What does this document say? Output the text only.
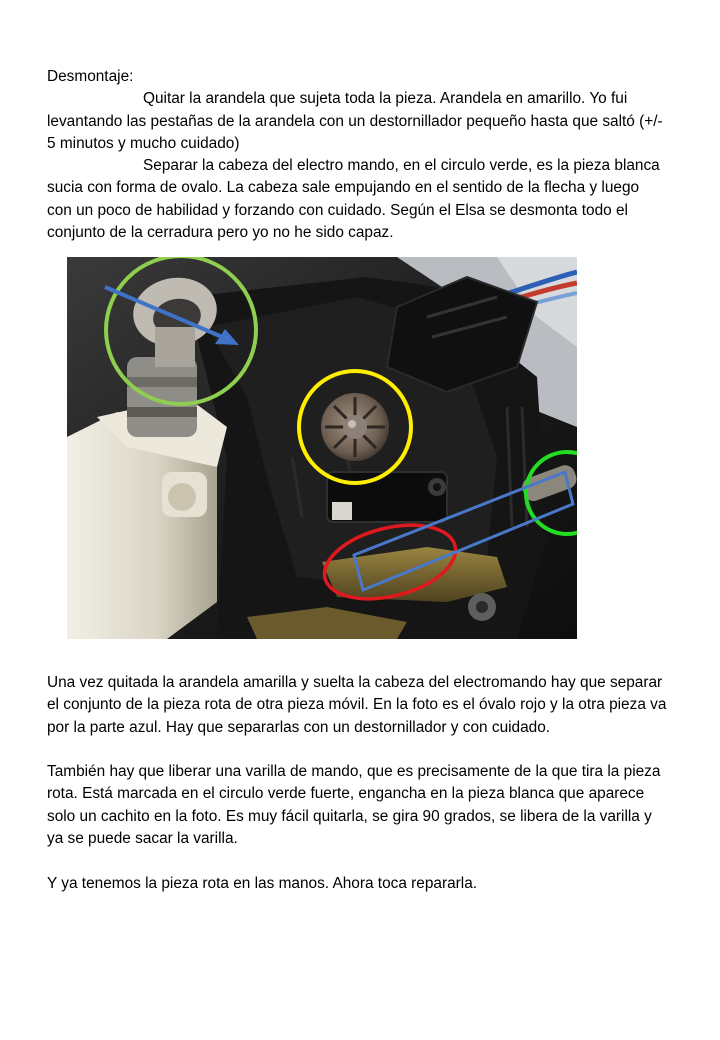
Desmontaje:

Quitar la arandela que sujeta toda la pieza. Arandela en amarillo. Yo fui levantando las pestañas de la arandela con un destornillador pequeño hasta que saltó (+/- 5 minutos y mucho cuidado)

Separar la cabeza del electro mando, en el circulo verde, es la pieza blanca sucia con forma de ovalo. La cabeza sale empujando en el sentido de la flecha y luego con un poco de habilidad y forzando con cuidado. Según el Elsa se desmonta todo el conjunto de la cerradura pero yo no he sido capaz.

Una vez quitada la arandela amarilla y suelta la cabeza del electromando hay que separar el conjunto de la pieza rota de otra pieza móvil. En la foto es el óvalo rojo y la otra pieza va por la parte azul. Hay que separarlas con un destornillador y con cuidado.

También hay que liberar una varilla de mando, que es precisamente de la que tira la pieza rota. Está marcada en el circulo verde fuerte, engancha en la pieza blanca que aparece solo un cachito en la foto. Es muy fácil quitarla, se gira 90 grados, se libera de la varilla y ya se puede sacar la varilla.

Y ya tenemos la pieza rota en las manos. Ahora toca repararla.
